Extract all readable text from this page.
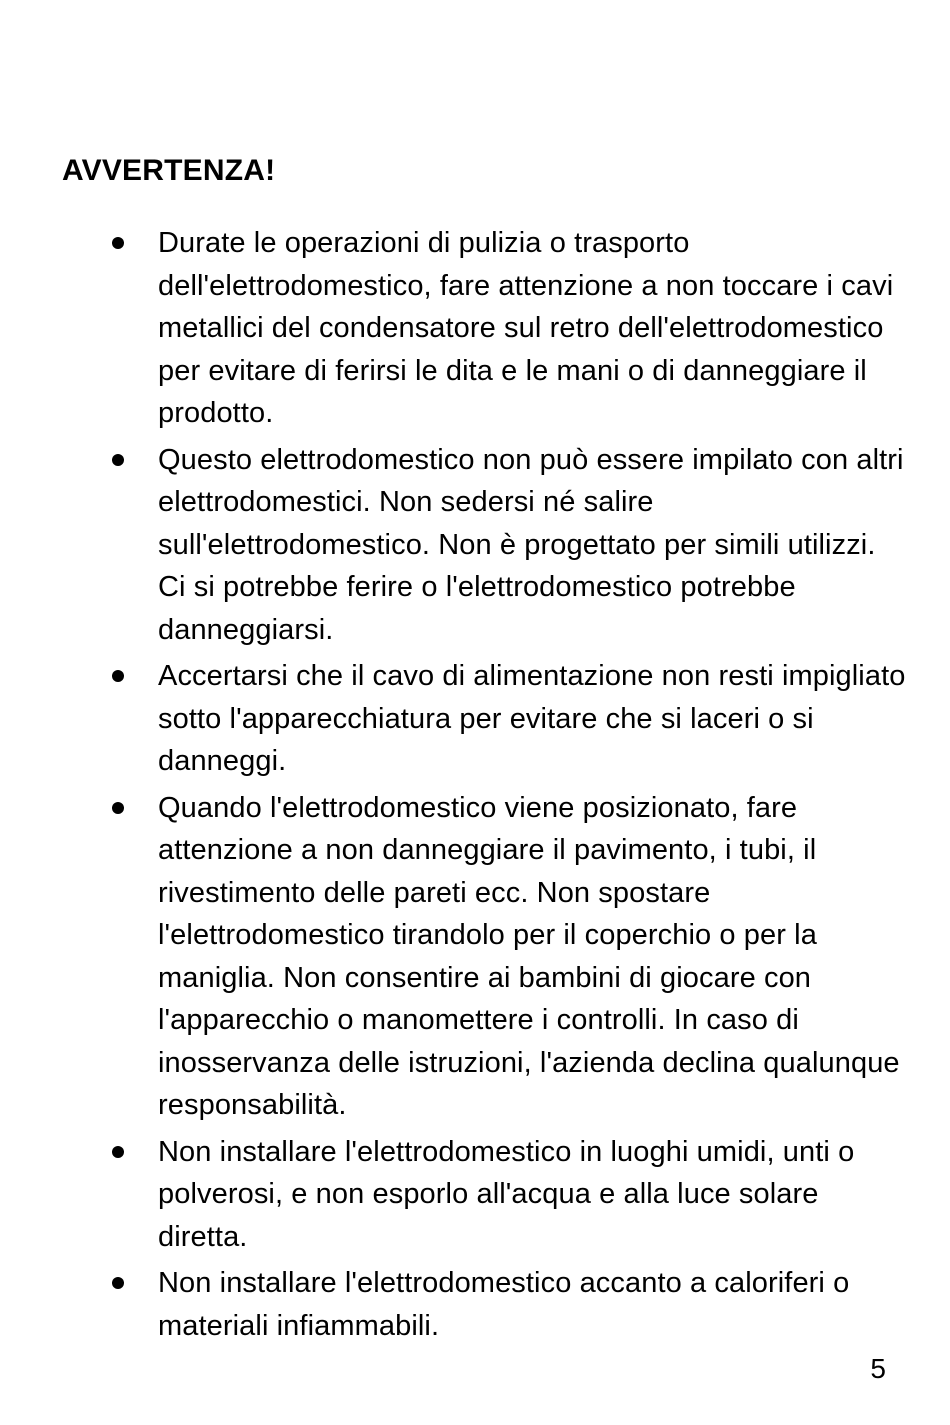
AVVERTENZA!
Durate le operazioni di pulizia o trasporto dell'elettrodomestico, fare attenzione a non toccare i cavi metallici del condensatore sul retro dell'elettrodomestico per evitare di ferirsi le dita e le mani o di danneggiare il prodotto.
Questo elettrodomestico non può essere impilato con altri elettrodomestici. Non sedersi né salire sull'elettrodomestico. Non è progettato per simili utilizzi. Ci si potrebbe ferire o l'elettrodomestico potrebbe danneggiarsi.
Accertarsi che il cavo di alimentazione non resti impigliato sotto l'apparecchiatura per evitare che si laceri o si danneggi.
Quando l'elettrodomestico viene posizionato, fare attenzione a non danneggiare il pavimento, i tubi, il rivestimento delle pareti ecc. Non spostare l'elettrodomestico tirandolo per il coperchio o per la maniglia. Non consentire ai bambini di giocare con l'apparecchio o manomettere i controlli. In caso di inosservanza delle istruzioni, l'azienda declina qualunque responsabilità.
Non installare l'elettrodomestico in luoghi umidi, unti o polverosi, e non esporlo all'acqua e alla luce solare diretta.
Non installare l'elettrodomestico accanto a caloriferi o materiali infiammabili.
5
